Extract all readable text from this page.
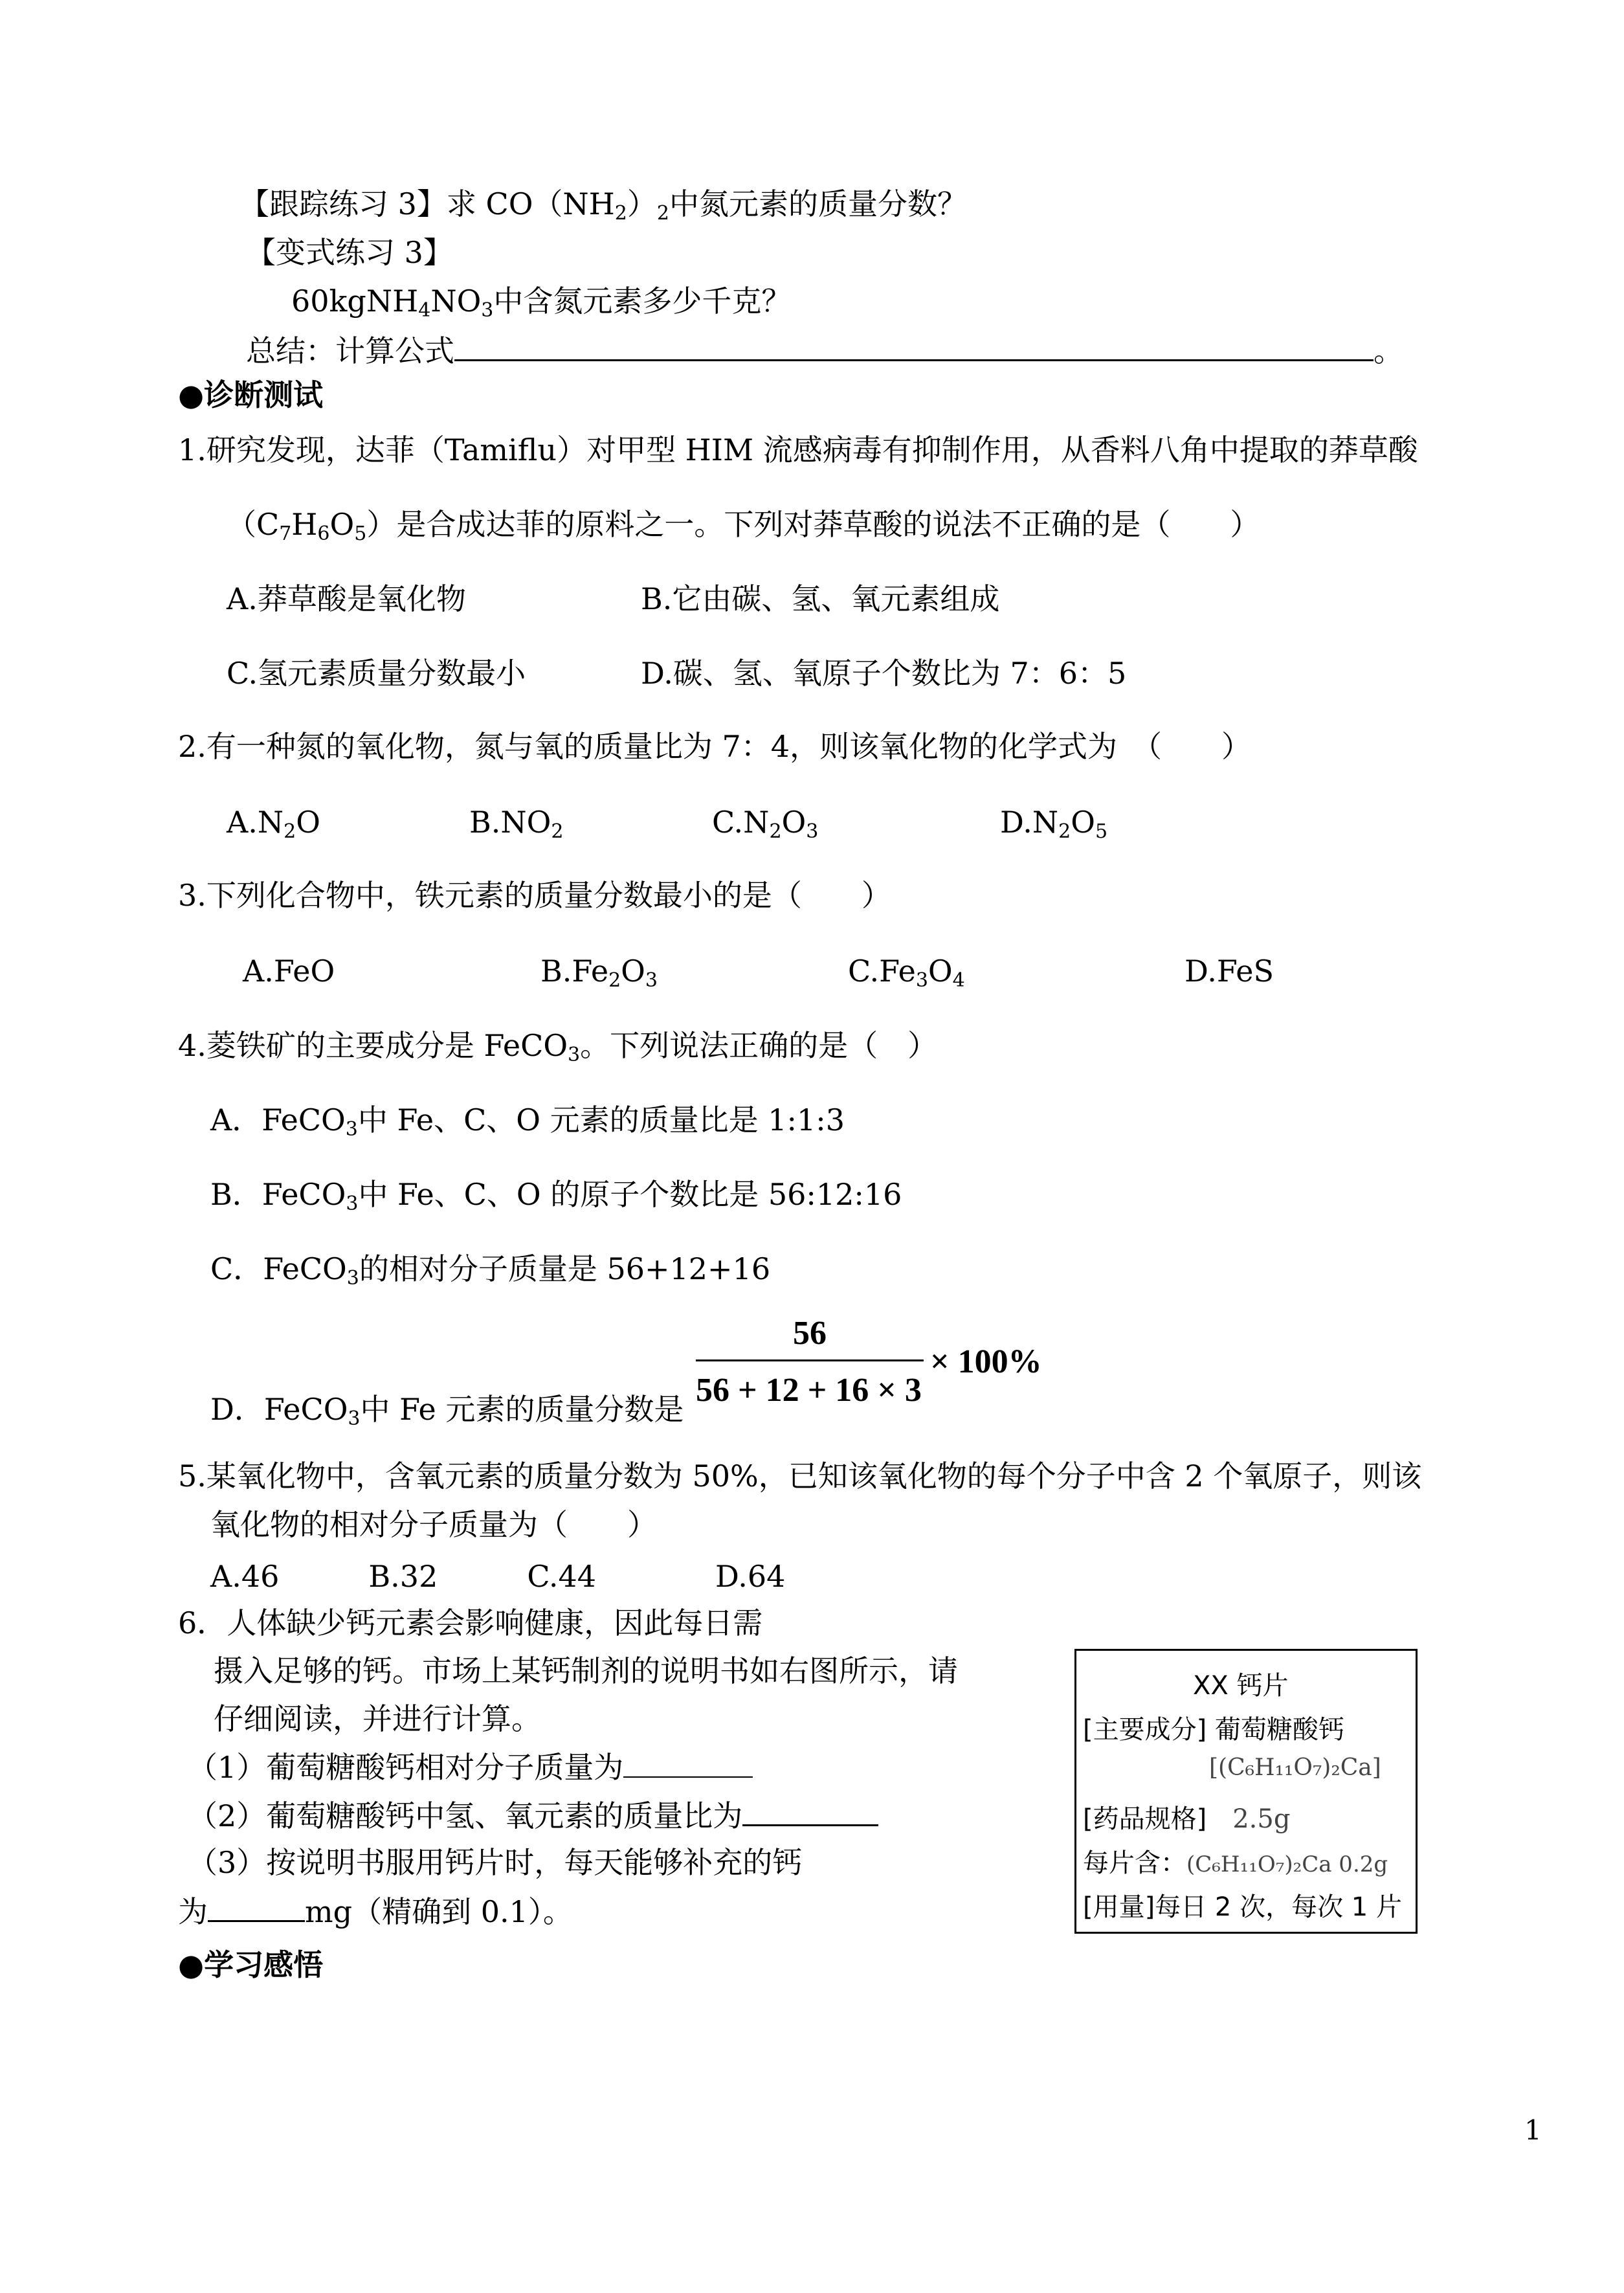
【跟踪练习 3】求 $CO(NH_2)_2$中氮元素的质量分数？
【变式练习 3】
$60kgNH_4NO_3$中含氮元素多少千克？
总结：计算公式	。
●诊断测试
1.研究发现，达菲（Tamiflu）对甲型 HIM 流感病毒有抑制作用，从香料八角中提取的莽草酸
$(C_7H_6O_5)$是合成达菲的原料之一。下列对莽草酸的说法不正确的是（　　）
A.莽草酸是氧化物	B.它由碳、氢、氧元素组成
C.氢元素质量分数最小	D.碳、氢、氧原子个数比为 7：6：5
2.有一种氮的氧化物，氮与氧的质量比为 7：4，则该氧化物的化学式为　（　　）
$A.N_2O$	$B.NO_2$	$C.N_2O_3$	$D.N_2O_5$
3.下列化合物中，铁元素的质量分数最小的是（　　）
A.FeO	$B.Fe_2O_3$	$C.Fe_3O_4$	D.FeS
4.菱铁矿的主要成分是 FeCO$_3$。下列说法正确的是（　）
A．FeCO$_3$中 Fe、C、O 元素的质量比是 1:1:3
B．FeCO$_3$中 Fe、C、O 的原子个数比是 56:12:16
C．FeCO$_3$的相对分子质量是 56+12+16
D．FeCO$_3$中 Fe 元素的质量分数是
56
56 + 12 + 16 × 3
× 100%
5.某氧化物中，含氧元素的质量分数为 50%，已知该氧化物的每个分子中含 2 个氧原子，则该
氧化物的相对分子质量为（　　）
A.46　　　B.32　　　C.44　　　　D.64
6．人体缺少钙元素会影响健康，因此每日需
摄入足够的钙。市场上某钙制剂的说明书如右图所示，请
仔细阅读，并进行计算。
（1）葡萄糖酸钙相对分子质量为
（2）葡萄糖酸钙中氢、氧元素的质量比为
（3）按说明书服用钙片时，每天能够补充的钙
为	mg（精确到 0.1）。
XX 钙片
[主要成分] 葡萄糖酸钙
[(C₆H₁₁O₇)₂Ca]
[药品规格]　 2.5g
每片含：(C₆H₁₁O₇)₂Ca 0.2g
[用量]每日 2 次，每次 1 片
●学习感悟
1
